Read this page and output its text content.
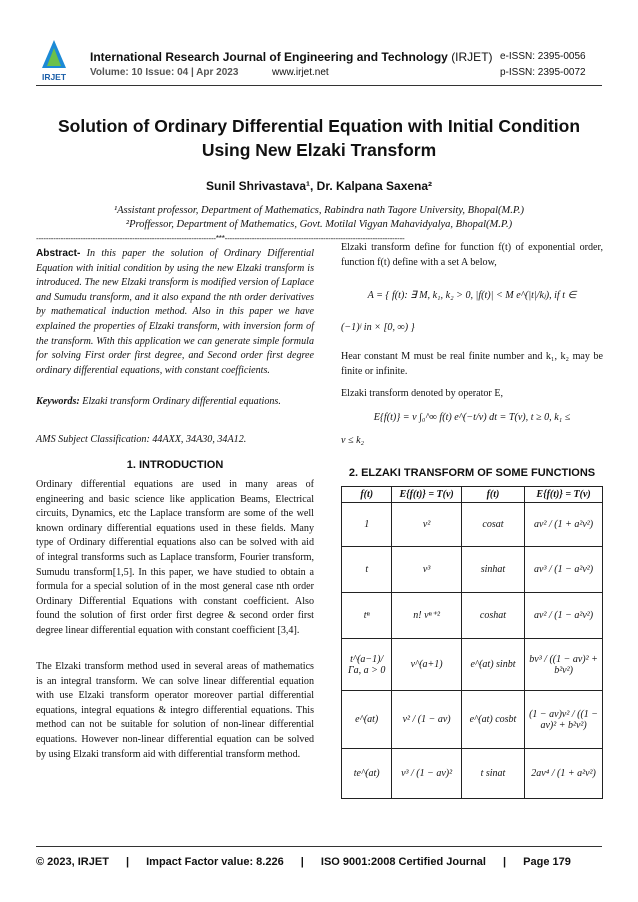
IRJET
International Research Journal of Engineering and Technology (IRJET) e-ISSN: 2395-0056
Volume: 10 Issue: 04 | Apr 2023	www.irjet.net	p-ISSN: 2395-0072
Solution of Ordinary Differential Equation with Initial Condition Using New Elzaki Transform
Sunil Shrivastava¹, Dr. Kalpana Saxena²
¹Assistant professor, Department of Mathematics, Rabindra nath Tagore University, Bhopal(M.P.)
²Proffessor, Department of Mathematics, Govt. Motilal Vigyan Mahavidyalya, Bhopal(M.P.)
-------------------------------------------------------------------------***-------------------------------------------------------------------------
Abstract- In this paper the solution of Ordinary Differential Equation with initial condition by using the new Elzaki transform is introduced. The new Elzaki transform is modified version of Laplace and Sumudu transform, and it also expand the nth order derivatives by mathematical induction method. Also in this paper we have explained the properties of Elzaki transform, with inversion form of the transform. With this application we can generate simple formula for solving First order first degree, and Second order first degree ordinary differential equations, with constant coefficients.
Keywords: Elzaki transform Ordinary differential equations.
AMS Subject Classification: 44AXX, 34A30, 34A12.
1. INTRODUCTION
Ordinary differential equations are used in many areas of engineering and basic science like application Beams, Electrical circuits, Dynamics, etc the Laplace transform are some of the well known ordinary differential equations used in these fields. Many type of Ordinary differential equations also can be solved with aid of integral transforms such as Laplace transform, Fourier transform, Sumudu transform[1,5]. In this paper, we have studied to obtain a formula for a special solution of in the most general case nth order Ordinary Differential Equations with constant coefficient. Also found the solution of first order first degree & second order first degree linear differential equation with constant coefficient [3,4].
The Elzaki transform method used in several areas of mathematics is an integral transform. We can solve linear differential equation with use Elzaki transform operator moreover partial differential equations, integral equations & integro differential equations. This method can not be suitable for solution of non-linear differential equations. However non-linear differential equation can be solved by using Elzaki transform aid with differential transform method.
Elzaki transform define for function f(t) of exponential order, function f(t) define with a set A below,
A = { f(t): ∃ M, k₁, k₂ > 0, |f(t)| < M e^(|t|/kⱼ), if t ∈
(−1)ʲ in × [0, ∞) }
Hear constant M must be real finite number and k₁, k₂ may be finite or infinite.
Elzaki transform denoted by operator E,
E{f(t)} = v ∫₀^∞ f(t) e^(−t/v) dt = T(v), t ≥ 0, k₁ ≤
v ≤ k₂
2. ELZAKI TRANSFORM OF SOME FUNCTIONS
f(t)	E{f(t)} = T(v)	f(t)	E{f(t)} = T(v)
1	v²	cosat	av² / (1 + a²v²)
t	v³	sinhat	av³ / (1 − a²v²)
tⁿ	n! vⁿ⁺²	coshat	av² / (1 − a²v²)
t^(a−1)/Γa, a > 0	v^(a+1)	e^(at) sinbt	bv³ / ((1 − av)² + b²v²)
e^(at)	v² / (1 − av)	e^(at) cosbt	(1 − av)v² / ((1 − av)² + b²v²)
te^(at)	v³ / (1 − av)²	t sinat	2av⁴ / (1 + a²v²)
© 2023, IRJET | Impact Factor value: 8.226 | ISO 9001:2008 Certified Journal | Page 179
